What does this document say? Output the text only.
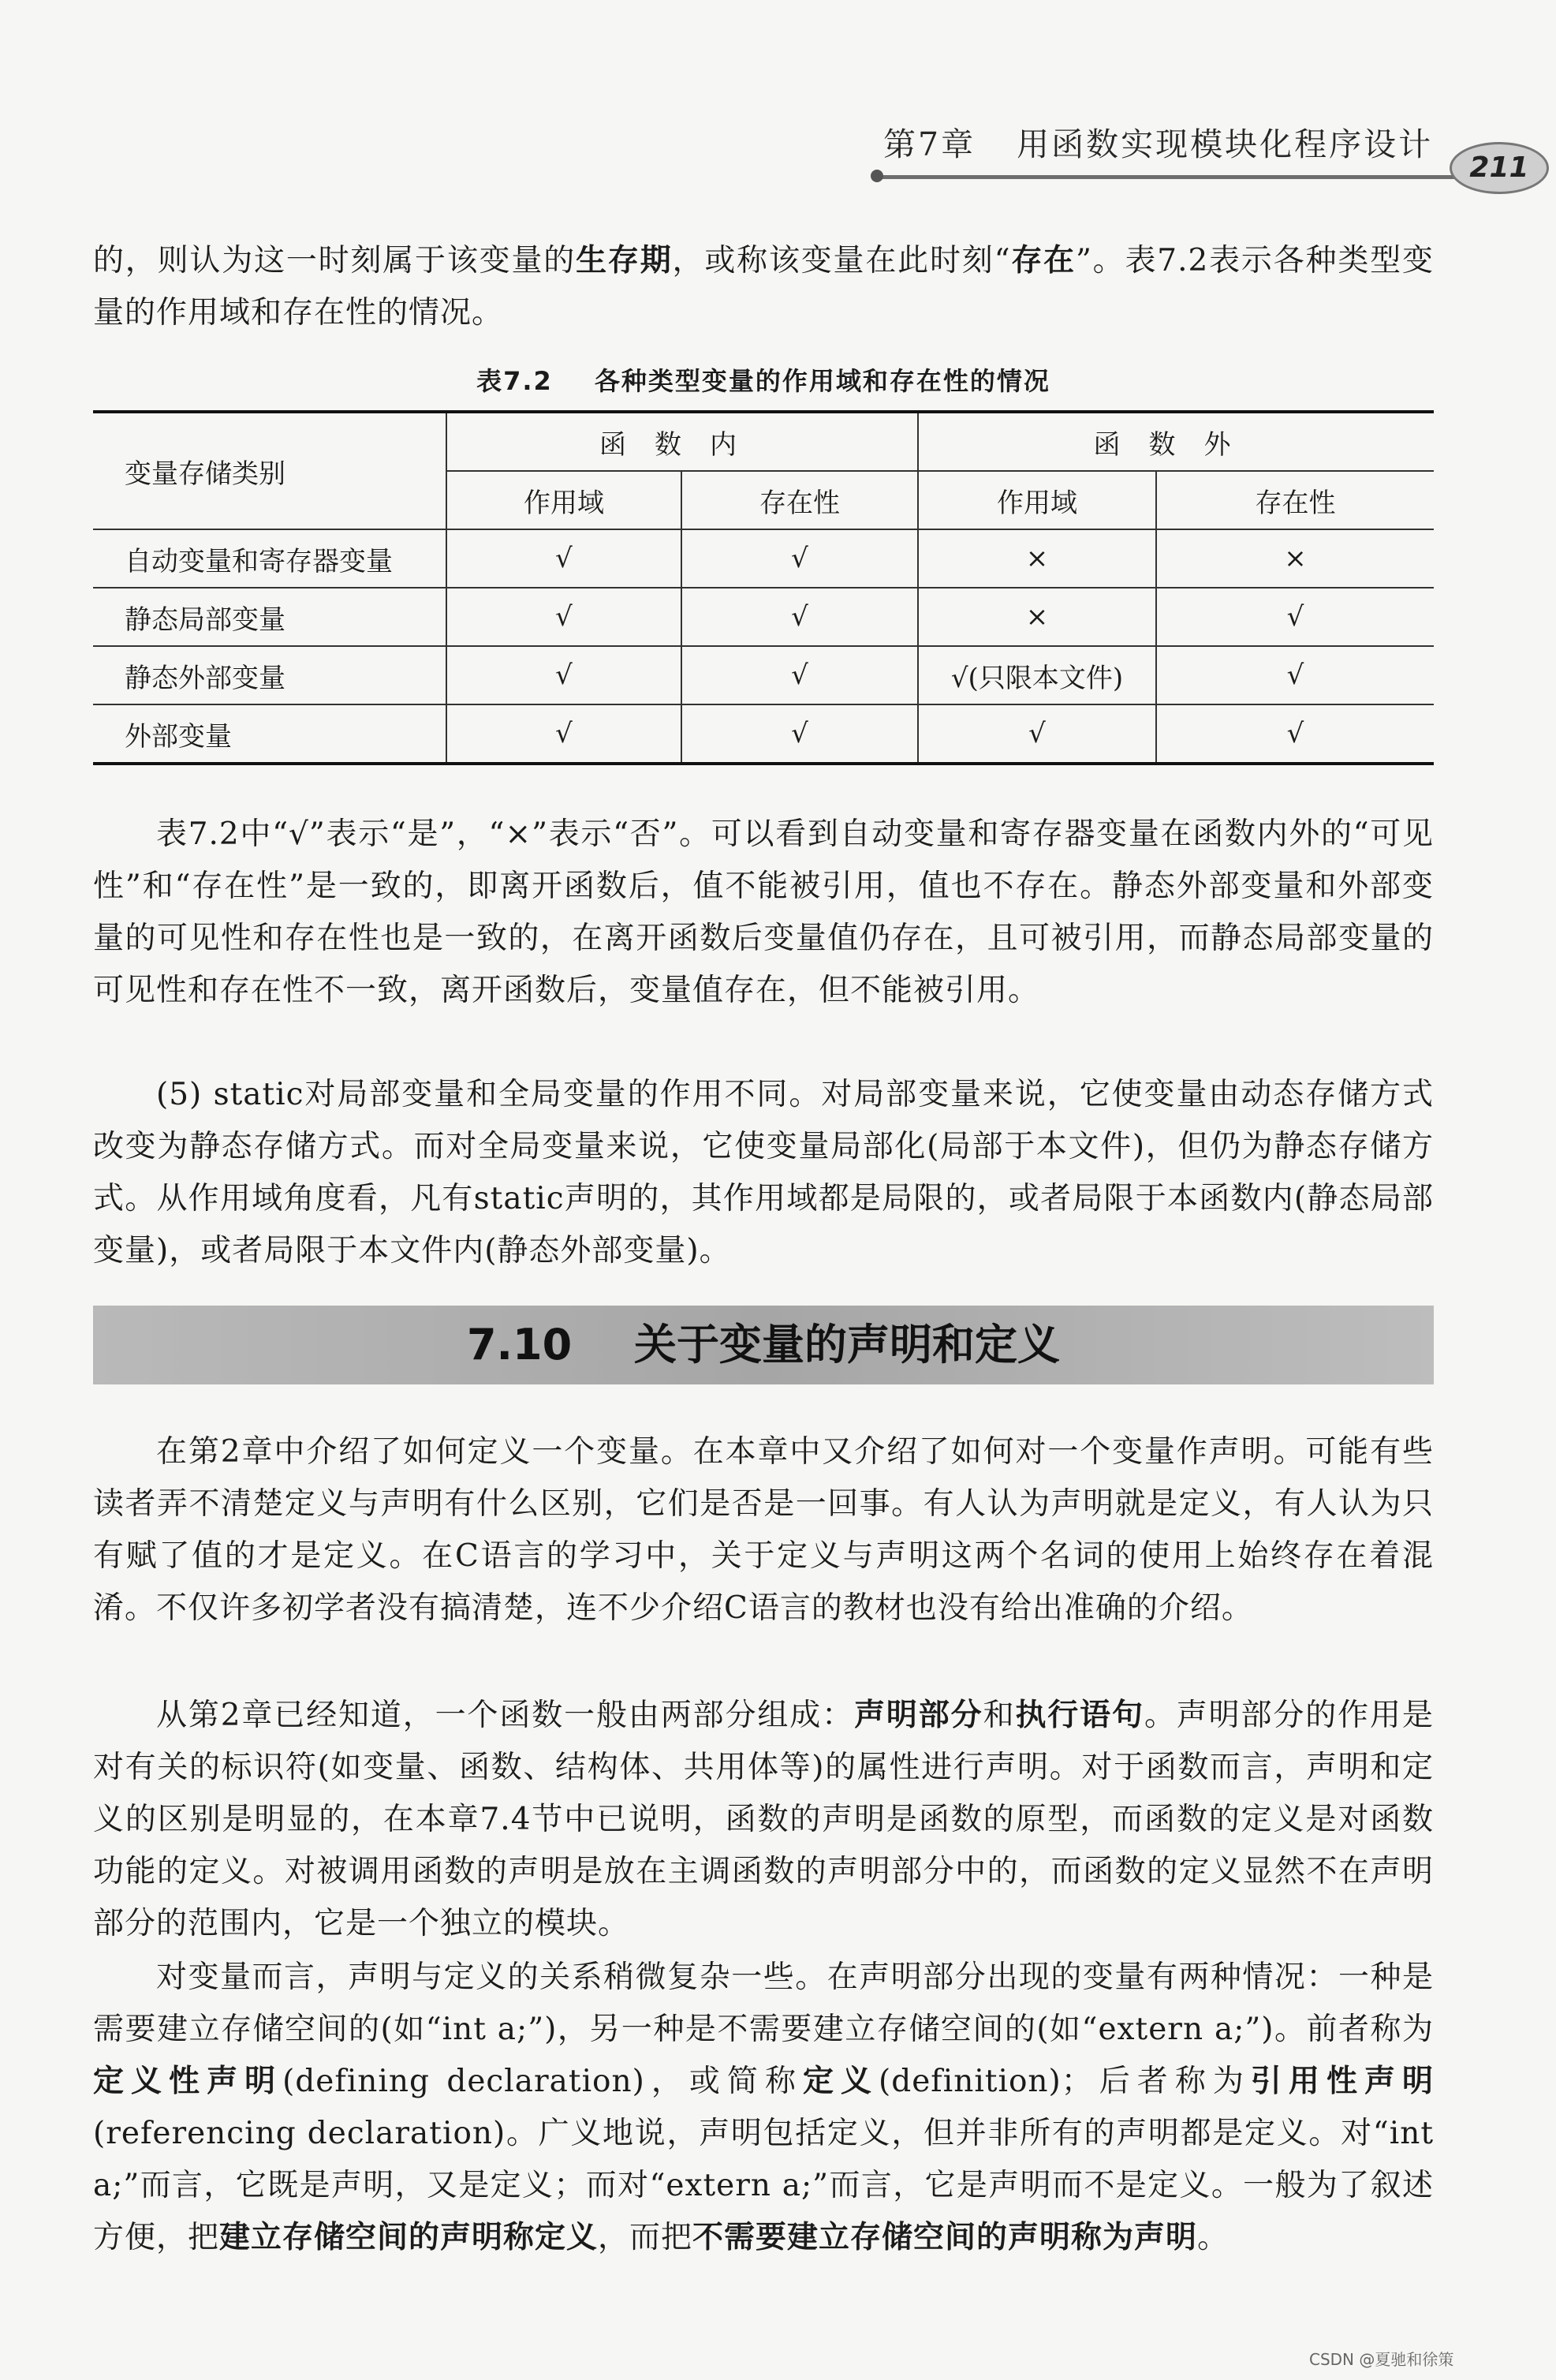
第7章 用函数实现模块化程序设计
211
的，则认为这一时刻属于该变量的生存期，或称该变量在此时刻“存在”。表7.2表示各种类型变量的作用域和存在性的情况。
表7.2 各种类型变量的作用域和存在性的情况
变量存储类别	函数内		函数外	
	作用域	存在性	作用域	存在性
自动变量和寄存器变量	√	√	×	×
静态局部变量	√	√	×	√
静态外部变量	√	√	√(只限本文件)	√
外部变量	√	√	√	√
表7.2中“√”表示“是”，“×”表示“否”。可以看到自动变量和寄存器变量在函数内外的“可见性”和“存在性”是一致的，即离开函数后，值不能被引用，值也不存在。静态外部变量和外部变量的可见性和存在性也是一致的，在离开函数后变量值仍存在，且可被引用，而静态局部变量的可见性和存在性不一致，离开函数后，变量值存在，但不能被引用。
(5) static对局部变量和全局变量的作用不同。对局部变量来说，它使变量由动态存储方式改变为静态存储方式。而对全局变量来说，它使变量局部化(局部于本文件)，但仍为静态存储方式。从作用域角度看，凡有static声明的，其作用域都是局限的，或者局限于本函数内(静态局部变量)，或者局限于本文件内(静态外部变量)。
7.10 关于变量的声明和定义
在第2章中介绍了如何定义一个变量。在本章中又介绍了如何对一个变量作声明。可能有些读者弄不清楚定义与声明有什么区别，它们是否是一回事。有人认为声明就是定义，有人认为只有赋了值的才是定义。在C语言的学习中，关于定义与声明这两个名词的使用上始终存在着混淆。不仅许多初学者没有搞清楚，连不少介绍C语言的教材也没有给出准确的介绍。
从第2章已经知道，一个函数一般由两部分组成：声明部分和执行语句。声明部分的作用是对有关的标识符(如变量、函数、结构体、共用体等)的属性进行声明。对于函数而言，声明和定义的区别是明显的，在本章7.4节中已说明，函数的声明是函数的原型，而函数的定义是对函数功能的定义。对被调用函数的声明是放在主调函数的声明部分中的，而函数的定义显然不在声明部分的范围内，它是一个独立的模块。
对变量而言，声明与定义的关系稍微复杂一些。在声明部分出现的变量有两种情况：一种是需要建立存储空间的(如“int a;”)，另一种是不需要建立存储空间的(如“extern a;”)。前者称为定义性声明(defining declaration)，或简称定义(definition)；后者称为引用性声明(referencing declaration)。广义地说，声明包括定义，但并非所有的声明都是定义。对“int a;”而言，它既是声明，又是定义；而对“extern a;”而言，它是声明而不是定义。一般为了叙述方便，把建立存储空间的声明称定义，而把不需要建立存储空间的声明称为声明。
CSDN @夏驰和徐策
